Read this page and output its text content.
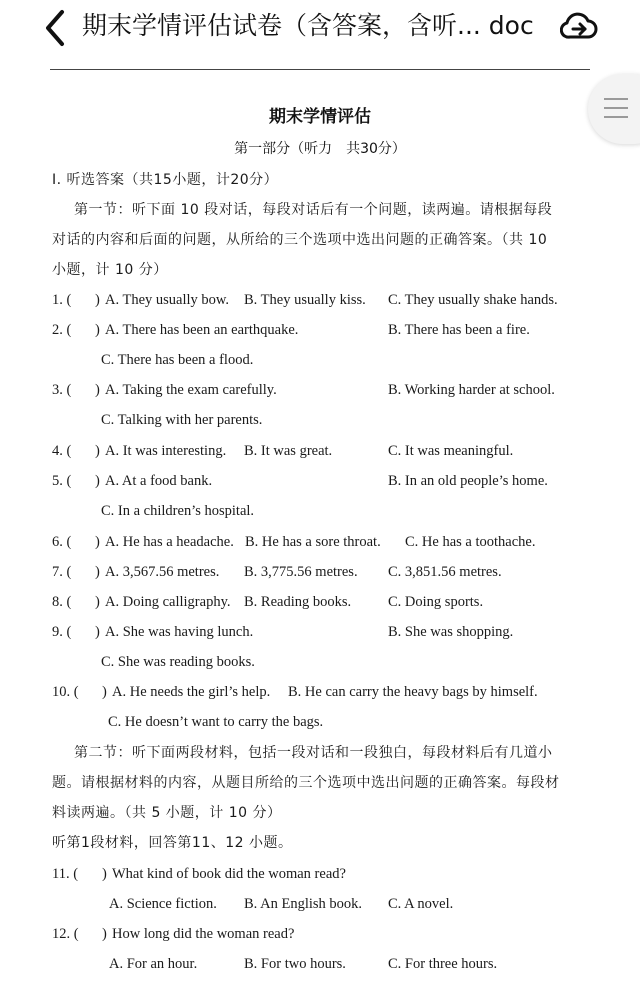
期末学情评估试卷（含答案，含听... doc
期末学情评估
第一部分（听力　共30分）
I. 听选答案（共15小题，计20分）
第一节：听下面 10 段对话，每段对话后有一个问题，读两遍。请根据每段
对话的内容和后面的问题，从所给的三个选项中选出问题的正确答案。（共 10
小题，计 10 分）
1. ( ) A. They usually bow. B. They usually kiss. C. They usually shake hands.
2. ( ) A. There has been an earthquake.	B. There has been a fire.
C. There has been a flood.
3. ( ) A. Taking the exam carefully.	B. Working harder at school.
C. Talking with her parents.
4. ( ) A. It was interesting. B. It was great.	C. It was meaningful.
5. ( ) A. At a food bank.	B. In an old people’s home.
C. In a children’s hospital.
6. ( ) A. He has a headache. B. He has a sore throat. C. He has a toothache.
7. ( ) A. 3,567.56 metres. B. 3,775.56 metres. C. 3,851.56 metres.
8. ( ) A. Doing calligraphy. B. Reading books.	C. Doing sports.
9. ( ) A. She was having lunch.	B. She was shopping.
C. She was reading books.
10. ( ) A. He needs the girl’s help. B. He can carry the heavy bags by himself.
C. He doesn’t want to carry the bags.
第二节：听下面两段材料，包括一段对话和一段独白，每段材料后有几道小
题。请根据材料的内容，从题目所给的三个选项中选出问题的正确答案。每段材
料读两遍。（共 5 小题，计 10 分）
听第1段材料，回答第11、12 小题。
11. ( ) What kind of book did the woman read?
A. Science fiction. B. An English book. C. A novel.
12. ( ) How long did the woman read?
A. For an hour.	B. For two hours.	C. For three hours.
